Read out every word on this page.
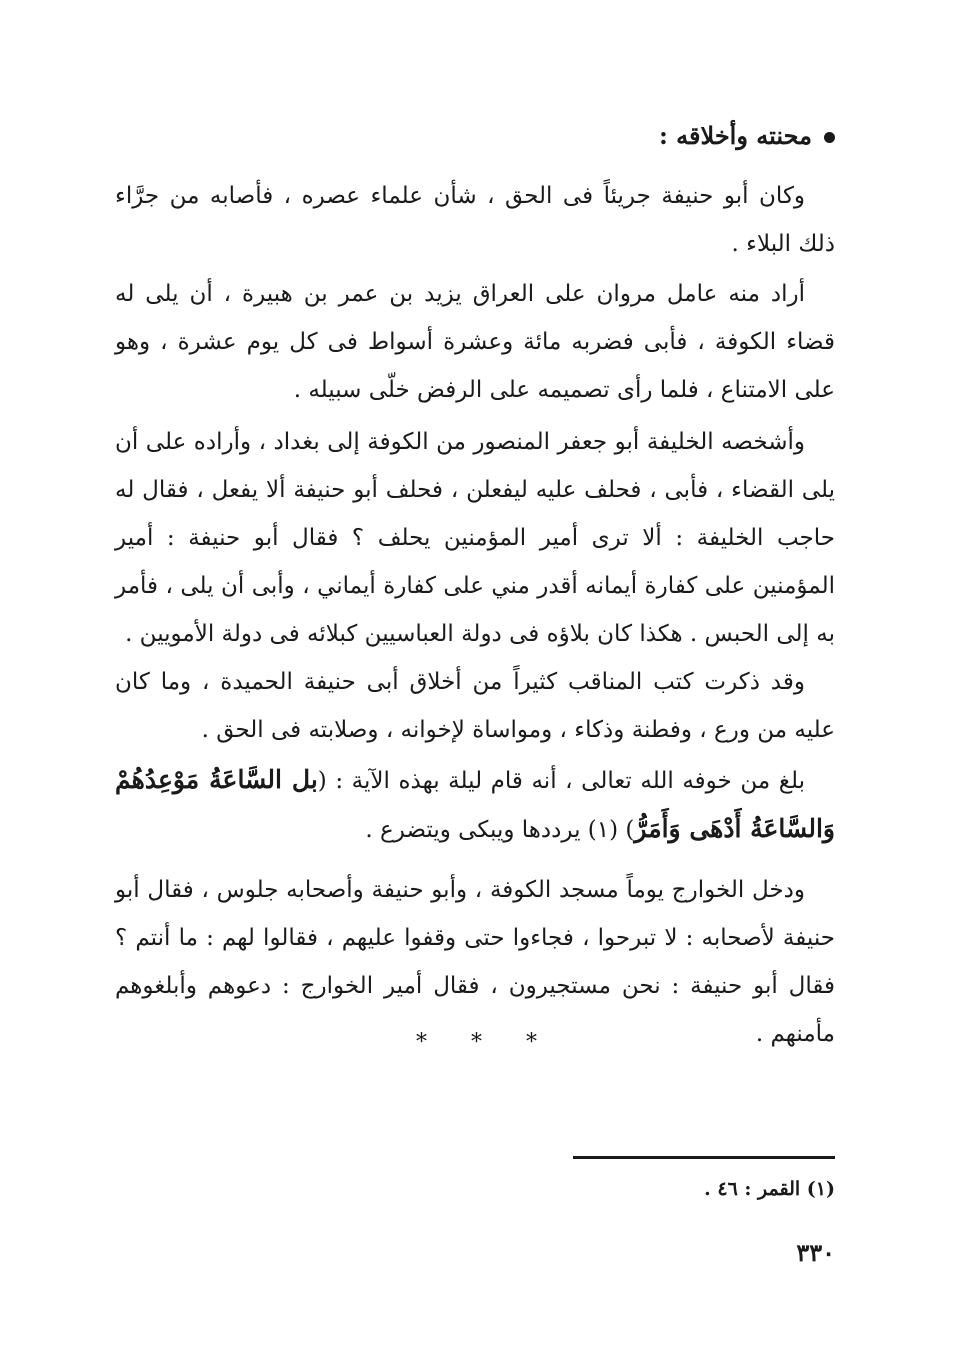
محنته وأخلاقه :

وكان أبو حنيفة جريئاً فى الحق ، شأن علماء عصره ، فأصابه من جرَّاء ذلك البلاء .

أراد منه عامل مروان على العراق يزيد بن عمر بن هبيرة ، أن يلى له قضاء الكوفة ، فأبى فضربه مائة وعشرة أسواط فى كل يوم عشرة ، وهو على الامتناع ، فلما رأى تصميمه على الرفض خلّى سبيله .

وأشخصه الخليفة أبو جعفر المنصور من الكوفة إلى بغداد ، وأراده على أن يلى القضاء ، فأبى ، فحلف عليه ليفعلن ، فحلف أبو حنيفة ألا يفعل ، فقال له حاجب الخليفة : ألا ترى أمير المؤمنين يحلف ؟ فقال أبو حنيفة : أمير المؤمنين على كفارة أيمانه أقدر مني على كفارة أيماني ، وأبى أن يلى ، فأمر به إلى الحبس . هكذا كان بلاؤه فى دولة العباسيين كبلائه فى دولة الأمويين .

وقد ذكرت كتب المناقب كثيراً من أخلاق أبى حنيفة الحميدة ، وما كان عليه من ورع ، وفطنة وذكاء ، ومواساة لإخوانه ، وصلابته فى الحق .

بلغ من خوفه الله تعالى ، أنه قام ليلة بهذه الآية : (بل السَّاعَةُ مَوْعِدُهُمْ وَالسَّاعَةُ أَدْهَى وَأَمَرُّ) (١) يرددها ويبكى ويتضرع .

ودخل الخوارج يوماً مسجد الكوفة ، وأبو حنيفة وأصحابه جلوس ، فقال أبو حنيفة لأصحابه : لا تبرحوا ، فجاءوا حتى وقفوا عليهم ، فقالوا لهم : ما أنتم ؟ فقال أبو حنيفة : نحن مستجيرون ، فقال أمير الخوارج : دعوهم وأبلغوهم مأمنهم .

* * *
(١) القمر : ٤٦ .
٣٣٠
